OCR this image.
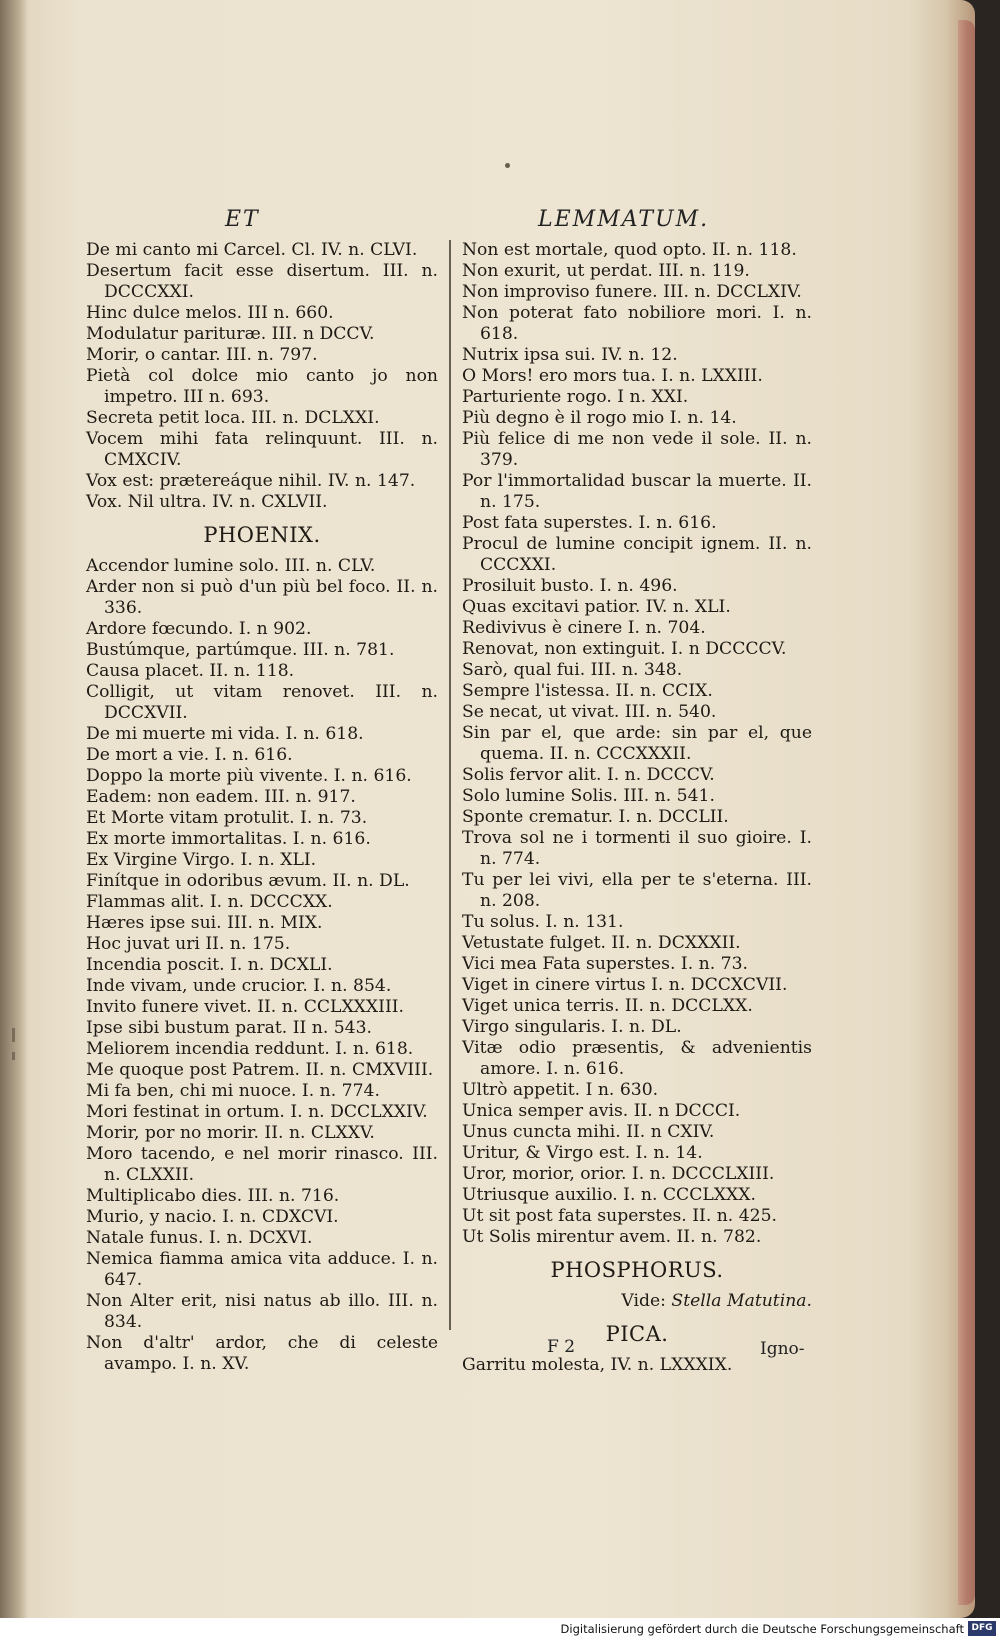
ET	LEMMATUM.
De mi canto mi Carcel. Cl. IV. n. CLVI.
Desertum facit esse disertum. III. n. DCCCXXI.
Hinc dulce melos. III n. 660.
Modulatur parituræ. III. n DCCV.
Morir, o cantar. III. n. 797.
Pietà col dolce mio canto jo non impetro. III n. 693.
Secreta petit loca. III. n. DCLXXI.
Vocem mihi fata relinquunt. III. n. CMXCIV.
Vox est: prætereáque nihil. IV. n. 147.
Vox. Nil ultra. IV. n. CXLVII.
PHOENIX.
Accendor lumine solo. III. n. CLV.
Arder non si può d'un più bel foco. II. n. 336.
Ardore fœcundo. I. n 902.
Bustúmque, partúmque. III. n. 781.
Causa placet. II. n. 118.
Colligit, ut vitam renovet. III. n. DCCXVII.
De mi muerte mi vida. I. n. 618.
De mort a vie. I. n. 616.
Doppo la morte più vivente. I. n. 616.
Eadem: non eadem. III. n. 917.
Et Morte vitam protulit. I. n. 73.
Ex morte immortalitas. I. n. 616.
Ex Virgine Virgo. I. n. XLI.
Finítque in odoribus ævum. II. n. DL.
Flammas alit. I. n. DCCCXX.
Hæres ipse sui. III. n. MIX.
Hoc juvat uri II. n. 175.
Incendia poscit. I. n. DCXLI.
Inde vivam, unde crucior. I. n. 854.
Invito funere vivet. II. n. CCLXXXIII.
Ipse sibi bustum parat. II n. 543.
Meliorem incendia reddunt. I. n. 618.
Me quoque post Patrem. II. n. CMXVIII.
Mi fa ben, chi mi nuoce. I. n. 774.
Mori festinat in ortum. I. n. DCCLXXIV.
Morir, por no morir. II. n. CLXXV.
Moro tacendo, e nel morir rinasco. III. n. CLXXII.
Multiplicabo dies. III. n. 716.
Murio, y nacio. I. n. CDXCVI.
Natale funus. I. n. DCXVI.
Nemica fiamma amica vita adduce. I. n. 647.
Non Alter erit, nisi natus ab illo. III. n. 834.
Non d'altr' ardor, che di celeste avampo. I. n. XV.
Non est mortale, quod opto. II. n. 118.
Non exurit, ut perdat. III. n. 119.
Non improviso funere. III. n. DCCLXIV.
Non poterat fato nobiliore mori. I. n. 618.
Nutrix ipsa sui. IV. n. 12.
O Mors! ero mors tua. I. n. LXXIII.
Parturiente rogo. I n. XXI.
Più degno è il rogo mio I. n. 14.
Più felice di me non vede il sole. II. n. 379.
Por l'immortalidad buscar la muerte. II. n. 175.
Post fata superstes. I. n. 616.
Procul de lumine concipit ignem. II. n. CCCXXI.
Prosiluit busto. I. n. 496.
Quas excitavi patior. IV. n. XLI.
Redivivus è cinere I. n. 704.
Renovat, non extinguit. I. n DCCCCV.
Sarò, qual fui. III. n. 348.
Sempre l'istessa. II. n. CCIX.
Se necat, ut vivat. III. n. 540.
Sin par el, que arde: sin par el, que quema. II. n. CCCXXXII.
Solis fervor alit. I. n. DCCCV.
Solo lumine Solis. III. n. 541.
Sponte crematur. I. n. DCCLII.
Trova sol ne i tormenti il suo gioire. I. n. 774.
Tu per lei vivi, ella per te s'eterna. III. n. 208.
Tu solus. I. n. 131.
Vetustate fulget. II. n. DCXXXII.
Vici mea Fata superstes. I. n. 73.
Viget in cinere virtus I. n. DCCXCVII.
Viget unica terris. II. n. DCCLXX.
Virgo singularis. I. n. DL.
Vitæ odio præsentis, & advenientis amore. I. n. 616.
Ultrò appetit. I n. 630.
Unica semper avis. II. n DCCCI.
Unus cuncta mihi. II. n CXIV.
Uritur, & Virgo est. I. n. 14.
Uror, morior, orior. I. n. DCCCLXIII.
Utriusque auxilio. I. n. CCCLXXX.
Ut sit post fata superstes. II. n. 425.
Ut Solis mirentur avem. II. n. 782.
PHOSPHORUS.
Vide: Stella Matutina.
PICA.
Garritu molesta, IV. n. LXXXIX.
F 2	Igno-
Digitalisierung gefördert durch die Deutsche Forschungsgemeinschaft DFG
